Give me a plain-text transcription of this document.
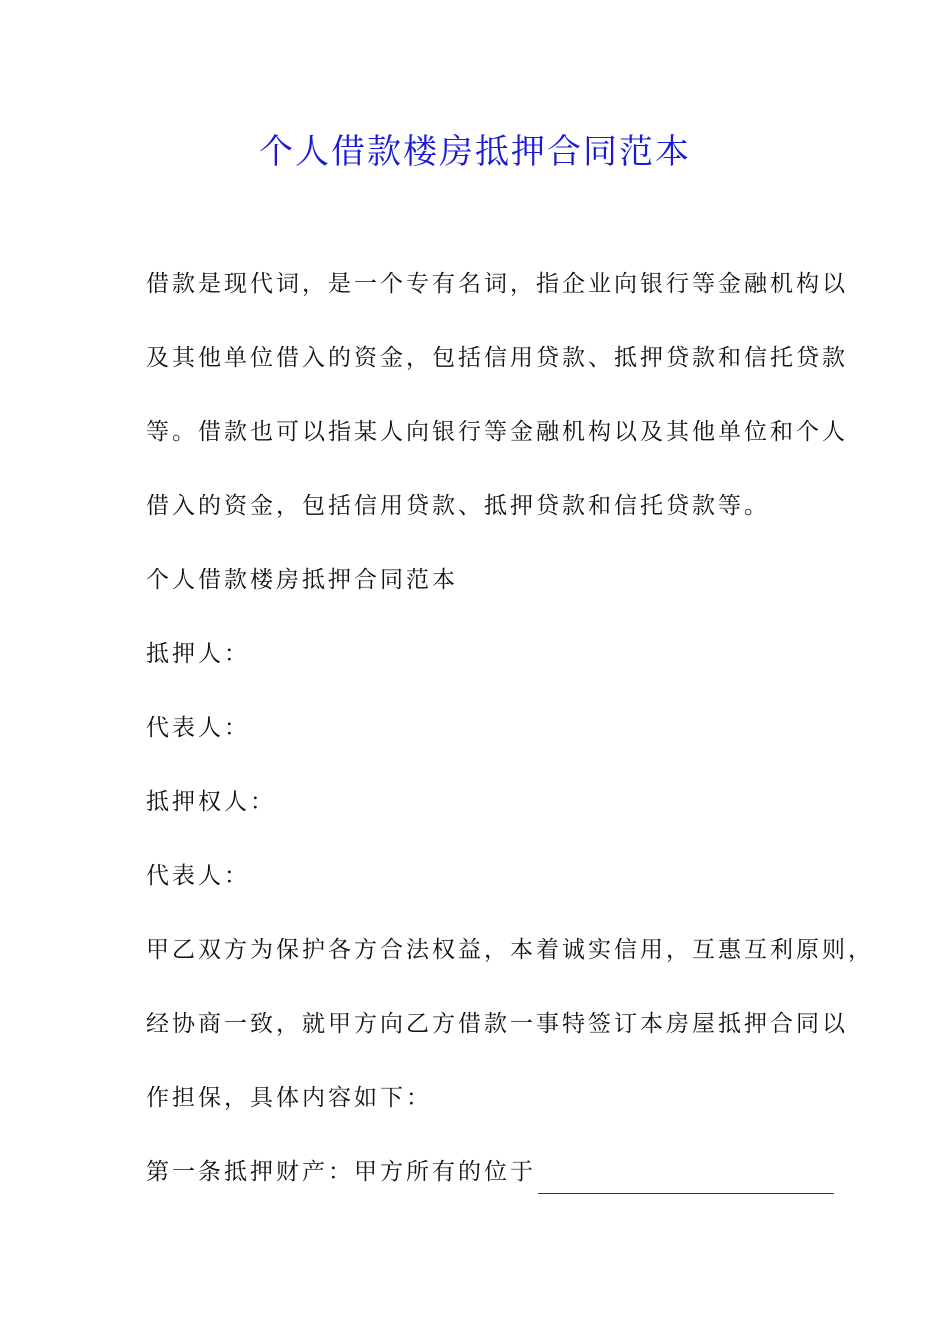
个人借款楼房抵押合同范本
借款是现代词，是一个专有名词，指企业向银行等金融机构以
及其他单位借入的资金，包括信用贷款、抵押贷款和信托贷款
等。借款也可以指某人向银行等金融机构以及其他单位和个人
借入的资金，包括信用贷款、抵押贷款和信托贷款等。
个人借款楼房抵押合同范本
抵押人：
代表人：
抵押权人：
代表人：
甲乙双方为保护各方合法权益，本着诚实信用，互惠互利原则，
经协商一致，就甲方向乙方借款一事特签订本房屋抵押合同以
作担保，具体内容如下：
第一条抵押财产：甲方所有的位于
